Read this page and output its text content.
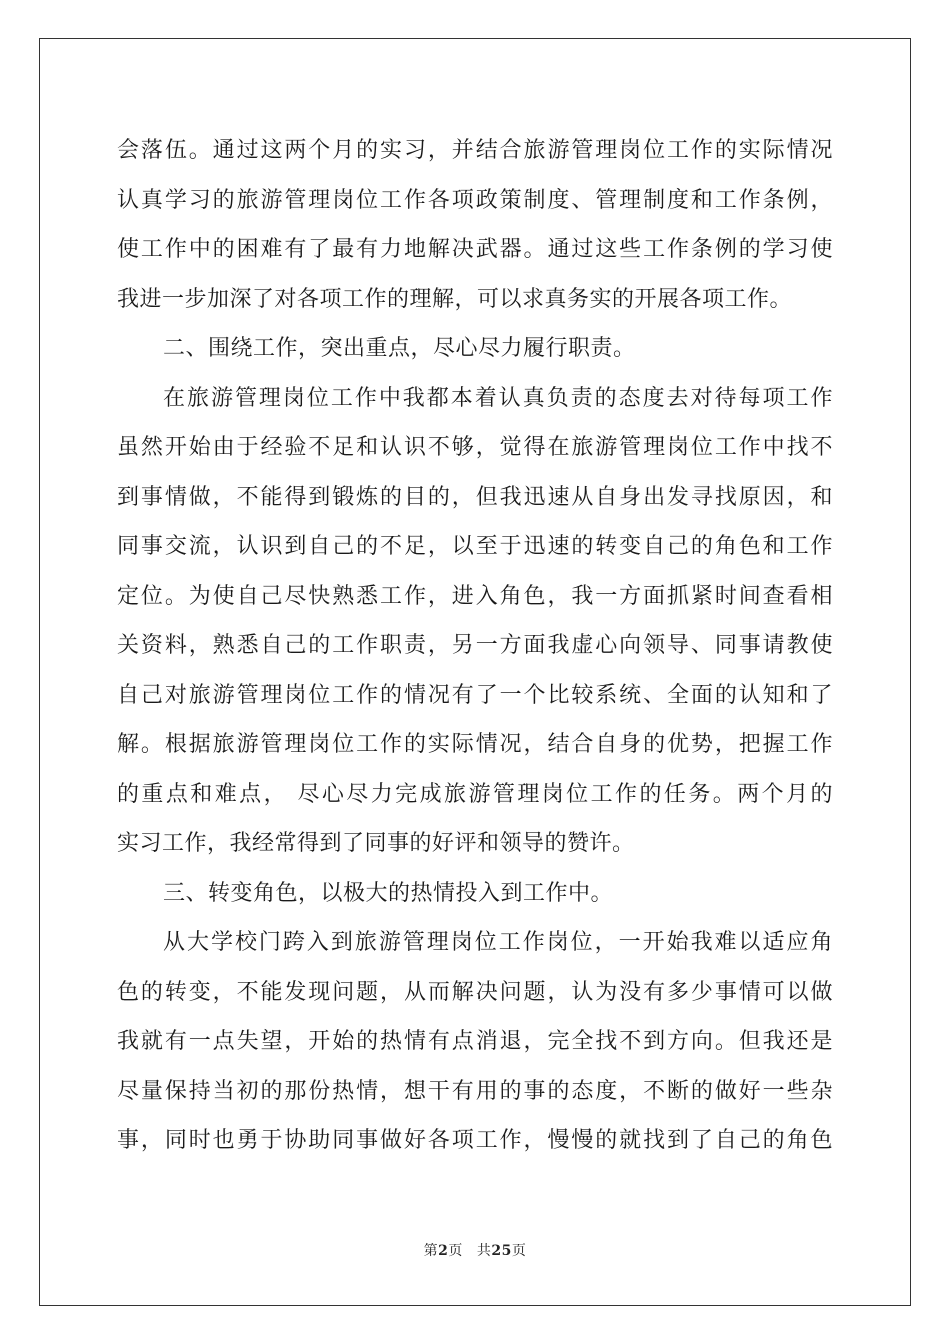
会落伍。通过这两个月的实习，并结合旅游管理岗位工作的实际情况
认真学习的旅游管理岗位工作各项政策制度、管理制度和工作条例，
使工作中的困难有了最有力地解决武器。通过这些工作条例的学习使
我进一步加深了对各项工作的理解，可以求真务实的开展各项工作。
二、围绕工作，突出重点，尽心尽力履行职责。
在旅游管理岗位工作中我都本着认真负责的态度去对待每项工作
虽然开始由于经验不足和认识不够，觉得在旅游管理岗位工作中找不
到事情做，不能得到锻炼的目的，但我迅速从自身出发寻找原因，和
同事交流，认识到自己的不足，以至于迅速的转变自己的角色和工作
定位。为使自己尽快熟悉工作，进入角色，我一方面抓紧时间查看相
关资料，熟悉自己的工作职责，另一方面我虚心向领导、同事请教使
自己对旅游管理岗位工作的情况有了一个比较系统、全面的认知和了
解。根据旅游管理岗位工作的实际情况，结合自身的优势，把握工作
的重点和难点， 尽心尽力完成旅游管理岗位工作的任务。两个月的
实习工作，我经常得到了同事的好评和领导的赞许。
三、转变角色，以极大的热情投入到工作中。
从大学校门跨入到旅游管理岗位工作岗位，一开始我难以适应角
色的转变，不能发现问题，从而解决问题，认为没有多少事情可以做
我就有一点失望，开始的热情有点消退，完全找不到方向。但我还是
尽量保持当初的那份热情，想干有用的事的态度，不断的做好一些杂
事，同时也勇于协助同事做好各项工作，慢慢的就找到了自己的角色
第2页 共25页
